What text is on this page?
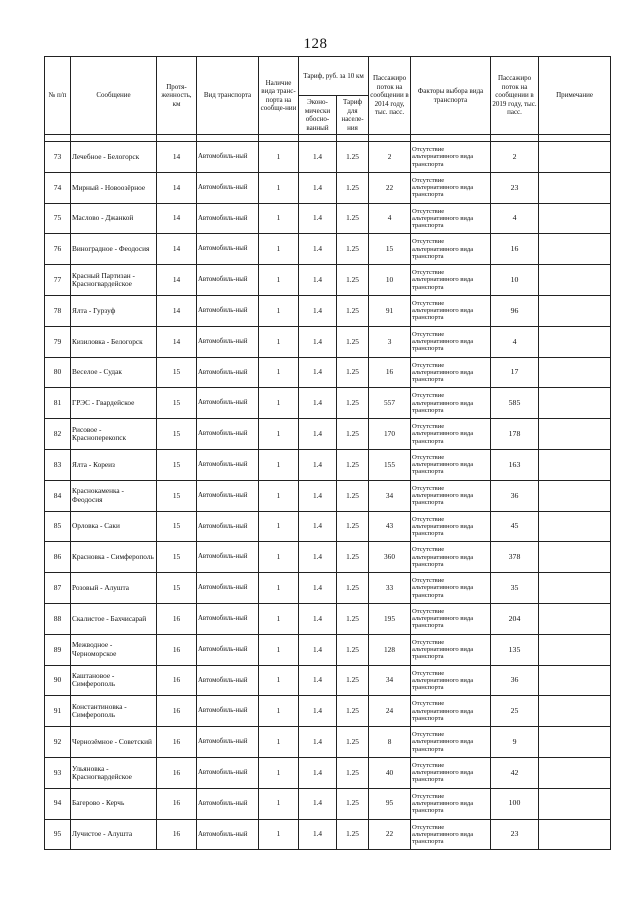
128
№ п/п	Сообщение	Протя-женность, км	Вид транспорта	Наличие вида транс-порта на сообще-нии	Тариф, руб. за 10 км		Пассажиро поток на сообщении в 2014 году, тыс. пасс.	Факторы выбора вида транспорта	Пассажиро поток на сообщении в 2019 году, тыс. пасс.	Примечание
					Эконо-мически обосно-ванный	Тариф для населе-ния				

73	Лечебное - Белогорск	14	Автомобиль-ный	1	1.4	1.25	2	Отсутствие альтернативного вида транспорта	2	
74	Мирный - Новоозёрное	14	Автомобиль-ный	1	1.4	1.25	22	Отсутствие альтернативного вида транспорта	23	
75	Маслово - Джанкой	14	Автомобиль-ный	1	1.4	1.25	4	Отсутствие альтернативного вида транспорта	4	
76	Виноградное - Феодосия	14	Автомобиль-ный	1	1.4	1.25	15	Отсутствие альтернативного вида транспорта	16	
77	Красный Партизан - Красногвардейское	14	Автомобиль-ный	1	1.4	1.25	10	Отсутствие альтернативного вида транспорта	10	
78	Ялта - Гурзуф	14	Автомобиль-ный	1	1.4	1.25	91	Отсутствие альтернативного вида транспорта	96	
79	Кизиловка - Белогорск	14	Автомобиль-ный	1	1.4	1.25	3	Отсутствие альтернативного вида транспорта	4	
80	Веселое - Судак	15	Автомобиль-ный	1	1.4	1.25	16	Отсутствие альтернативного вида транспорта	17	
81	ГРЭС - Гвардейское	15	Автомобиль-ный	1	1.4	1.25	557	Отсутствие альтернативного вида транспорта	585	
82	Рисовое - Красноперекопск	15	Автомобиль-ный	1	1.4	1.25	170	Отсутствие альтернативного вида транспорта	178	
83	Ялта - Кореиз	15	Автомобиль-ный	1	1.4	1.25	155	Отсутствие альтернативного вида транспорта	163	
84	Краснокаменка - Феодосия	15	Автомобиль-ный	1	1.4	1.25	34	Отсутствие альтернативного вида транспорта	36	
85	Орловка - Саки	15	Автомобиль-ный	1	1.4	1.25	43	Отсутствие альтернативного вида транспорта	45	
86	Красновка - Симферополь	15	Автомобиль-ный	1	1.4	1.25	360	Отсутствие альтернативного вида транспорта	378	
87	Розовый - Алушта	15	Автомобиль-ный	1	1.4	1.25	33	Отсутствие альтернативного вида транспорта	35	
88	Скалистое - Бахчисарай	16	Автомобиль-ный	1	1.4	1.25	195	Отсутствие альтернативного вида транспорта	204	
89	Межводное - Черноморское	16	Автомобиль-ный	1	1.4	1.25	128	Отсутствие альтернативного вида транспорта	135	
90	Каштановое - Симферополь	16	Автомобиль-ный	1	1.4	1.25	34	Отсутствие альтернативного вида транспорта	36	
91	Константиновка - Симферополь	16	Автомобиль-ный	1	1.4	1.25	24	Отсутствие альтернативного вида транспорта	25	
92	Чернозёмное - Советский	16	Автомобиль-ный	1	1.4	1.25	8	Отсутствие альтернативного вида транспорта	9	
93	Ульяновка - Красногвардейское	16	Автомобиль-ный	1	1.4	1.25	40	Отсутствие альтернативного вида транспорта	42	
94	Багерово - Керчь	16	Автомобиль-ный	1	1.4	1.25	95	Отсутствие альтернативного вида транспорта	100	
95	Лучистое - Алушта	16	Автомобиль-ный	1	1.4	1.25	22	Отсутствие альтернативного вида транспорта	23	
